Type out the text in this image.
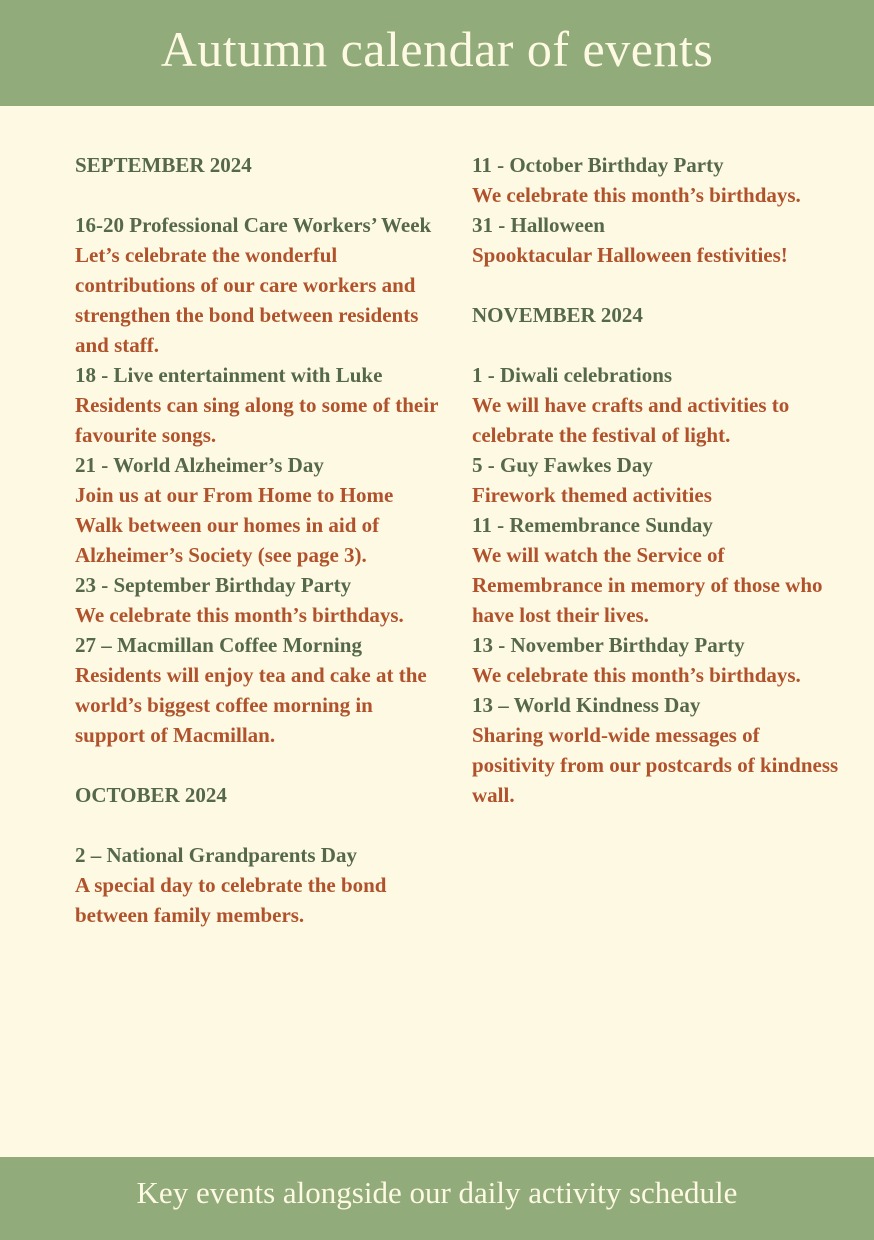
Autumn calendar of events

SEPTEMBER 2024

16-20 Professional Care Workers’ Week

Let’s celebrate the wonderful contributions of our care workers and strengthen the bond between residents and staff.

18 - Live entertainment with Luke

Residents can sing along to some of their favourite songs.

21 - World Alzheimer’s Day

Join us at our From Home to Home Walk between our homes in aid of Alzheimer’s Society (see page 3).

23 - September Birthday Party

We celebrate this month’s birthdays.

27 – Macmillan Coffee Morning

Residents will enjoy tea and cake at the world’s biggest coffee morning in support of Macmillan.

OCTOBER 2024

2 – National Grandparents Day

A special day to celebrate the bond between family members.

11 - October Birthday Party

We celebrate this month’s birthdays.

31 - Halloween

Spooktacular Halloween festivities!

NOVEMBER 2024

1 - Diwali celebrations

We will have crafts and activities to celebrate the festival of light.

5 - Guy Fawkes Day

Firework themed activities

11 - Remembrance Sunday

We will watch the Service of Remembrance in memory of those who have lost their lives.

13 - November Birthday Party

We celebrate this month’s birthdays.

13 – World Kindness Day

Sharing world-wide messages of positivity from our postcards of kindness wall.

Key events alongside our daily activity schedule
